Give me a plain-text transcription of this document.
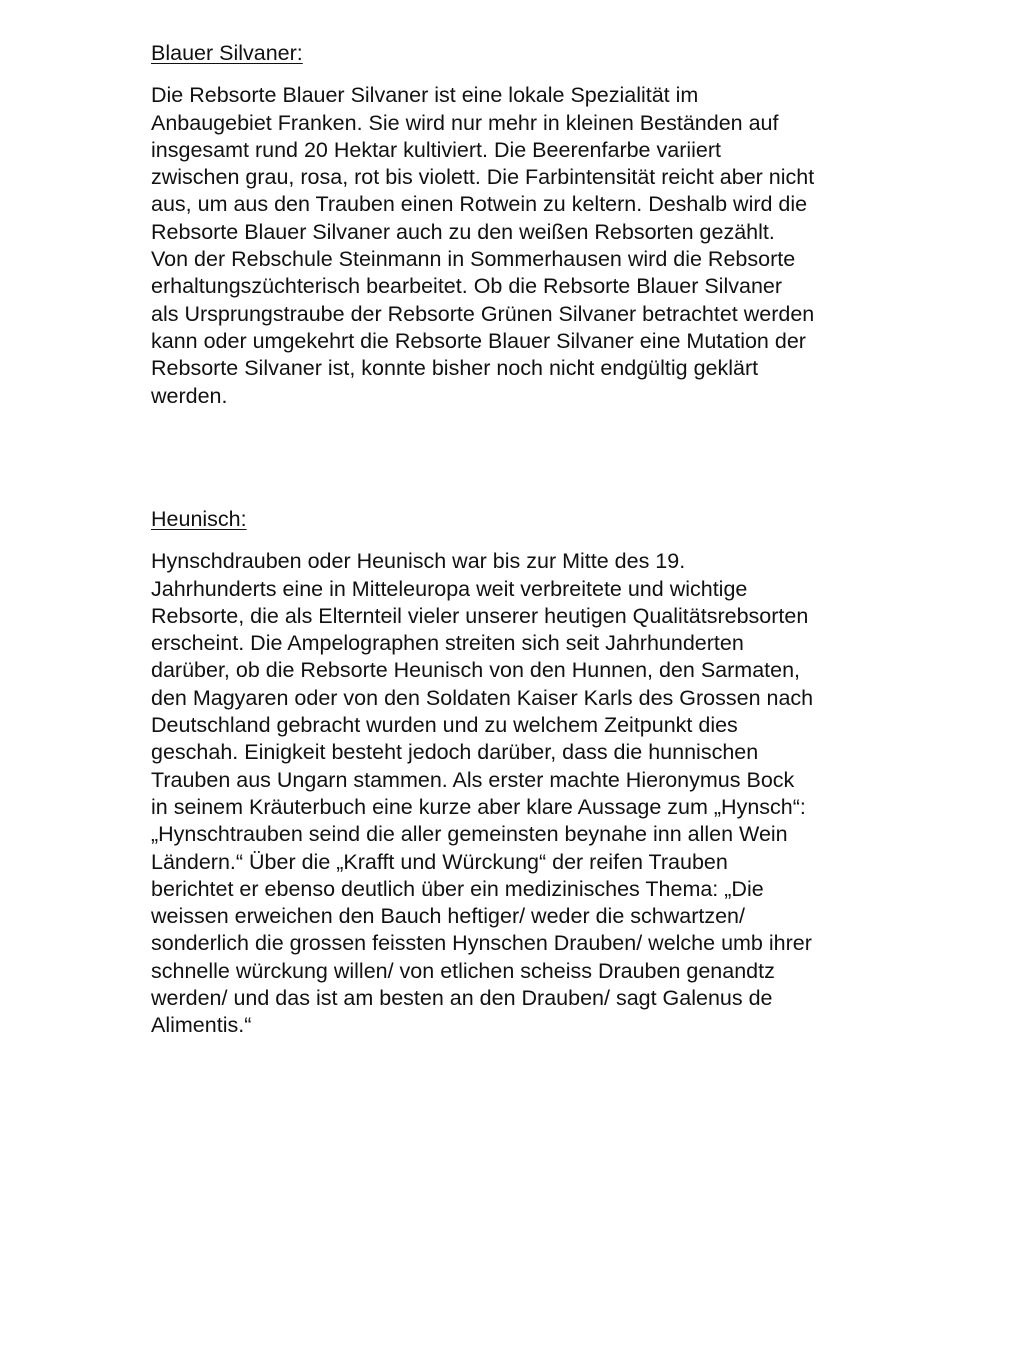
Blauer Silvaner:

Die Rebsorte Blauer Silvaner ist eine lokale Spezialität im
Anbaugebiet Franken. Sie wird nur mehr in kleinen Beständen auf
insgesamt rund 20 Hektar kultiviert. Die Beerenfarbe variiert
zwischen grau, rosa, rot bis violett. Die Farbintensität reicht aber nicht
aus, um aus den Trauben einen Rotwein zu keltern. Deshalb wird die
Rebsorte Blauer Silvaner auch zu den weißen Rebsorten gezählt.
Von der Rebschule Steinmann in Sommerhausen wird die Rebsorte
erhaltungszüchterisch bearbeitet. Ob die Rebsorte Blauer Silvaner
als Ursprungstraube der Rebsorte Grünen Silvaner betrachtet werden
kann oder umgekehrt die Rebsorte Blauer Silvaner eine Mutation der
Rebsorte Silvaner ist, konnte bisher noch nicht endgültig geklärt
werden.

Heunisch:

Hynschdrauben oder Heunisch war bis zur Mitte des 19.
Jahrhunderts eine in Mitteleuropa weit verbreitete und wichtige
Rebsorte, die als Elternteil vieler unserer heutigen Qualitätsrebsorten
erscheint. Die Ampelographen streiten sich seit Jahrhunderten
darüber, ob die Rebsorte Heunisch von den Hunnen, den Sarmaten,
den Magyaren oder von den Soldaten Kaiser Karls des Grossen nach
Deutschland gebracht wurden und zu welchem Zeitpunkt dies
geschah. Einigkeit besteht jedoch darüber, dass die hunnischen
Trauben aus Ungarn stammen. Als erster machte Hieronymus Bock
in seinem Kräuterbuch eine kurze aber klare Aussage zum „Hynsch“:
„Hynschtrauben seind die aller gemeinsten beynahe inn allen Wein
Ländern.“ Über die „Krafft und Würckung“ der reifen Trauben
berichtet er ebenso deutlich über ein medizinisches Thema: „Die
weissen erweichen den Bauch heftiger/ weder die schwartzen/
sonderlich die grossen feissten Hynschen Drauben/ welche umb ihrer
schnelle würckung willen/ von etlichen scheiss Drauben genandtz
werden/ und das ist am besten an den Drauben/ sagt Galenus de
Alimentis.“
